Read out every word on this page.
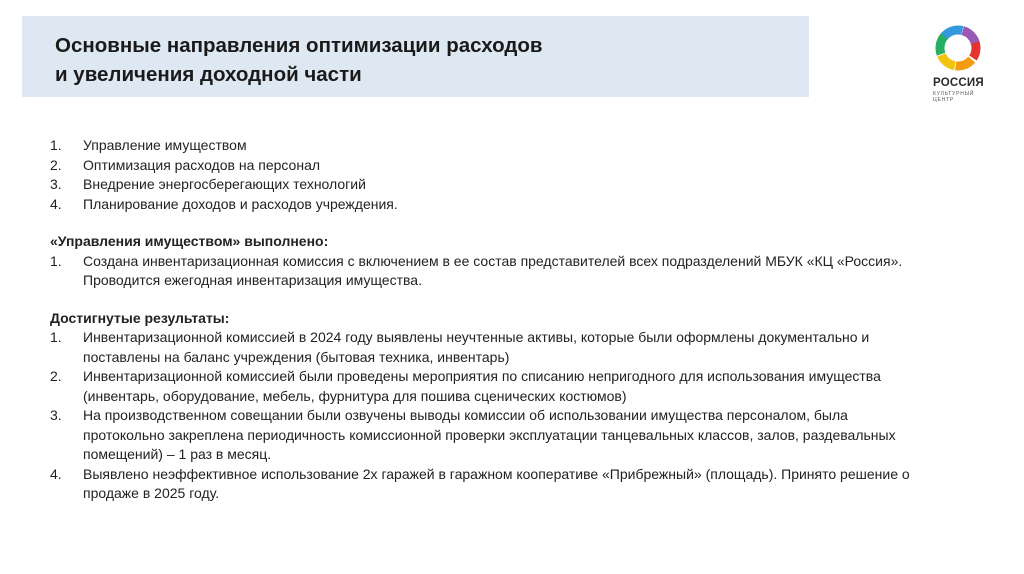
Основные направления оптимизации расходов
и увеличения доходной части	РОССИЯ
КУЛЬТУРНЫЙ ЦЕНТР
1. Управление имуществом
2. Оптимизация расходов на персонал
3. Внедрение энергосберегающих технологий
4. Планирование доходов и расходов учреждения.
«Управления имуществом» выполнено:
1. Создана инвентаризационная комиссия с включением в ее состав представителей всех подразделений МБУК «КЦ «Россия». Проводится ежегодная инвентаризация имущества.
Достигнутые результаты:
1. Инвентаризационной комиссией в 2024 году выявлены неучтенные активы, которые были оформлены документально и поставлены на баланс учреждения (бытовая техника, инвентарь)
2. Инвентаризационной комиссией были проведены мероприятия по списанию непригодного для использования имущества (инвентарь, оборудование, мебель, фурнитура для пошива сценических костюмов)
3. На производственном совещании были озвучены выводы комиссии об использовании имущества персоналом, была протокольно закреплена периодичность комиссионной проверки эксплуатации танцевальных классов, залов, раздевальных помещений) – 1 раз в месяц.
4. Выявлено неэффективное использование 2х гаражей в гаражном кооперативе «Прибрежный» (площадь). Принято решение о продаже в 2025 году.
